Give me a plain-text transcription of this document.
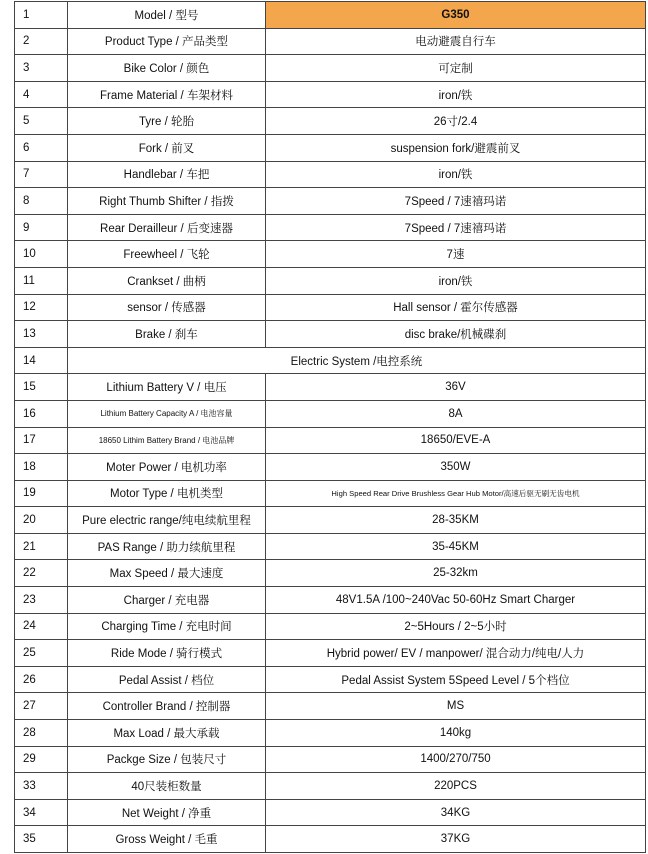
1	Model / 型号	G350
2	Product Type / 产品类型	电动避震自行车
3	Bike Color / 颜色	可定制
4	Frame Material / 车架材料	iron/铁
5	Tyre / 轮胎	26寸/2.4
6	Fork / 前叉	suspension fork/避震前叉
7	Handlebar / 车把	iron/铁
8	Right Thumb Shifter / 指拨	7Speed / 7速禧玛诺
9	Rear Derailleur / 后变速器	7Speed / 7速禧玛诺
10	Freewheel / 飞轮	7速
11	Crankset / 曲柄	iron/铁
12	sensor / 传感器	Hall sensor / 霍尔传感器
13	Brake / 刹车	disc brake/机械碟刹
14	Electric System /电控系统	
15	Lithium Battery V / 电压	36V
16	Lithium Battery Capacity A / 电池容量	8A
17	18650 Lithim Battery Brand / 电池品牌	18650/EVE-A
18	Moter Power / 电机功率	350W
19	Motor Type / 电机类型	High Speed Rear Drive Brushless Gear Hub Motor/高速后驱无刷无齿电机
20	Pure electric range/纯电续航里程	28-35KM
21	PAS Range / 助力续航里程	35-45KM
22	Max Speed / 最大速度	25-32km
23	Charger / 充电器	48V1.5A /100~240Vac 50-60Hz Smart Charger
24	Charging Time / 充电时间	2~5Hours / 2~5小时
25	Ride Mode / 骑行模式	Hybrid power/ EV / manpower/ 混合动力/纯电/人力
26	Pedal Assist / 档位	Pedal Assist System 5Speed Level / 5个档位
27	Controller Brand / 控制器	MS
28	Max Load / 最大承载	140kg
29	Packge Size / 包装尺寸	1400/270/750
33	40尺装柜数量	220PCS
34	Net Weight / 净重	34KG
35	Gross Weight / 毛重	37KG
